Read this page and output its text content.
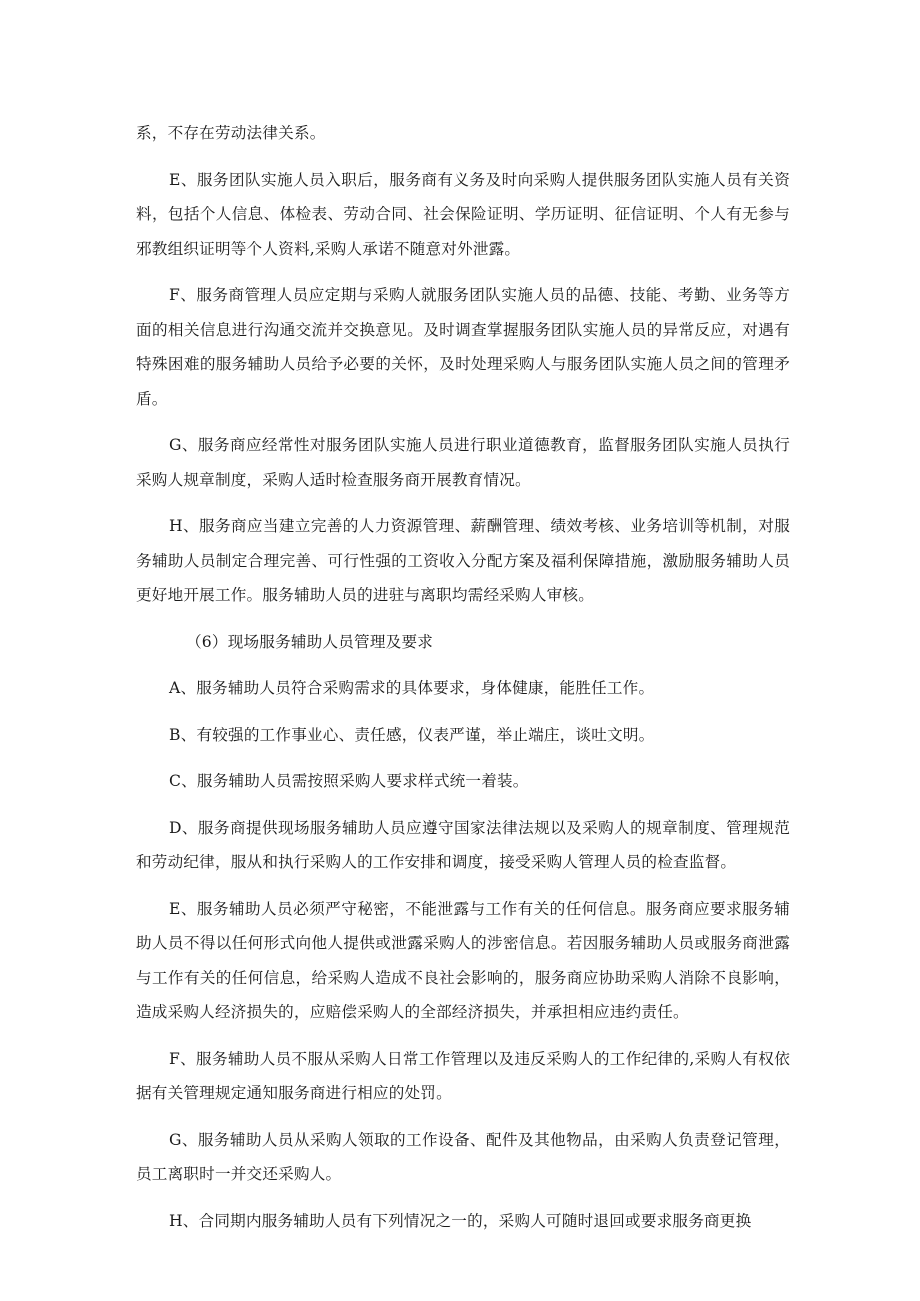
系，不存在劳动法律关系。

E、服务团队实施人员入职后，服务商有义务及时向采购人提供服务团队实施人员有关资料，包括个人信息、体检表、劳动合同、社会保险证明、学历证明、征信证明、个人有无参与邪教组织证明等个人资料,采购人承诺不随意对外泄露。

F、服务商管理人员应定期与采购人就服务团队实施人员的品德、技能、考勤、业务等方面的相关信息进行沟通交流并交换意见。及时调查掌握服务团队实施人员的异常反应，对遇有特殊困难的服务辅助人员给予必要的关怀，及时处理采购人与服务团队实施人员之间的管理矛盾。

G、服务商应经常性对服务团队实施人员进行职业道德教育，监督服务团队实施人员执行采购人规章制度，采购人适时检查服务商开展教育情况。

H、服务商应当建立完善的人力资源管理、薪酬管理、绩效考核、业务培训等机制，对服务辅助人员制定合理完善、可行性强的工资收入分配方案及福利保障措施，激励服务辅助人员更好地开展工作。服务辅助人员的进驻与离职均需经采购人审核。

（6）现场服务辅助人员管理及要求

A、服务辅助人员符合采购需求的具体要求，身体健康，能胜任工作。

B、有较强的工作事业心、责任感，仪表严谨，举止端庄，谈吐文明。

C、服务辅助人员需按照采购人要求样式统一着装。

D、服务商提供现场服务辅助人员应遵守国家法律法规以及采购人的规章制度、管理规范和劳动纪律，服从和执行采购人的工作安排和调度，接受采购人管理人员的检查监督。

E、服务辅助人员必须严守秘密，不能泄露与工作有关的任何信息。服务商应要求服务辅助人员不得以任何形式向他人提供或泄露采购人的涉密信息。若因服务辅助人员或服务商泄露与工作有关的任何信息，给采购人造成不良社会影响的，服务商应协助采购人消除不良影响，造成采购人经济损失的，应赔偿采购人的全部经济损失，并承担相应违约责任。

F、服务辅助人员不服从采购人日常工作管理以及违反采购人的工作纪律的,采购人有权依据有关管理规定通知服务商进行相应的处罚。

G、服务辅助人员从采购人领取的工作设备、配件及其他物品，由采购人负责登记管理，员工离职时一并交还采购人。

H、合同期内服务辅助人员有下列情况之一的，采购人可随时退回或要求服务商更换
